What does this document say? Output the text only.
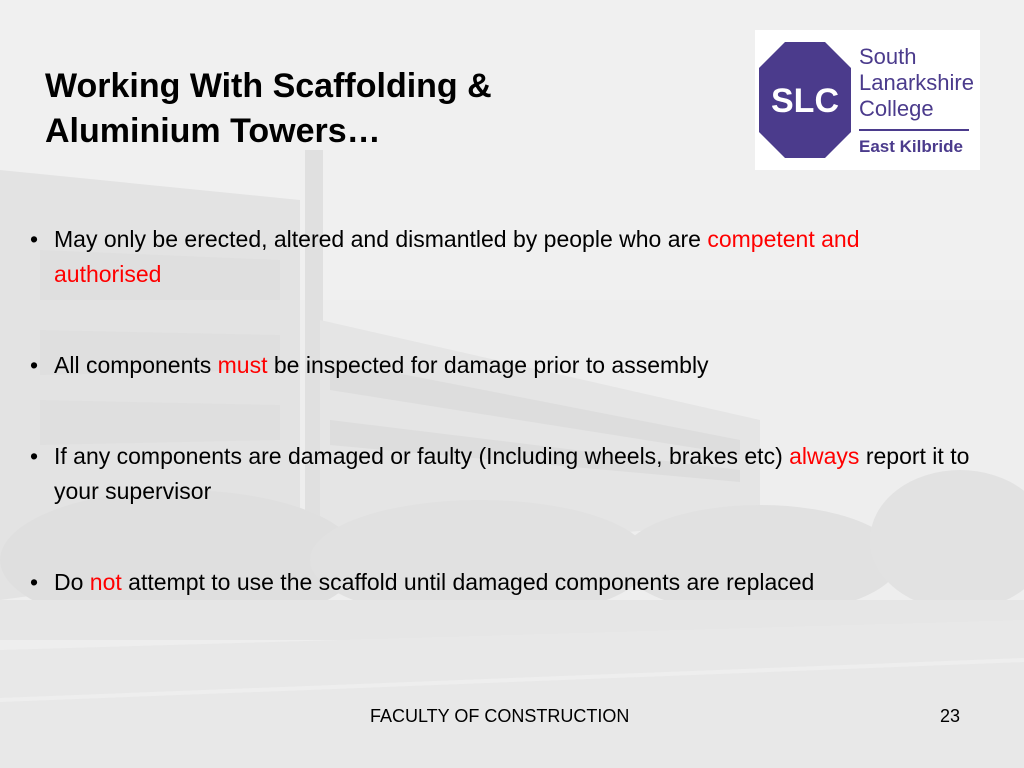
Working With Scaffolding &
Aluminium Towers…
SLC
South
Lanarkshire
College
East Kilbride
• May only be erected, altered and dismantled by people who are competent and authorised
• All components must be inspected for damage prior to assembly
• If any components are damaged or faulty (Including wheels, brakes etc) always report it to your supervisor
• Do not attempt to use the scaffold until damaged components are replaced
FACULTY OF CONSTRUCTION	23
